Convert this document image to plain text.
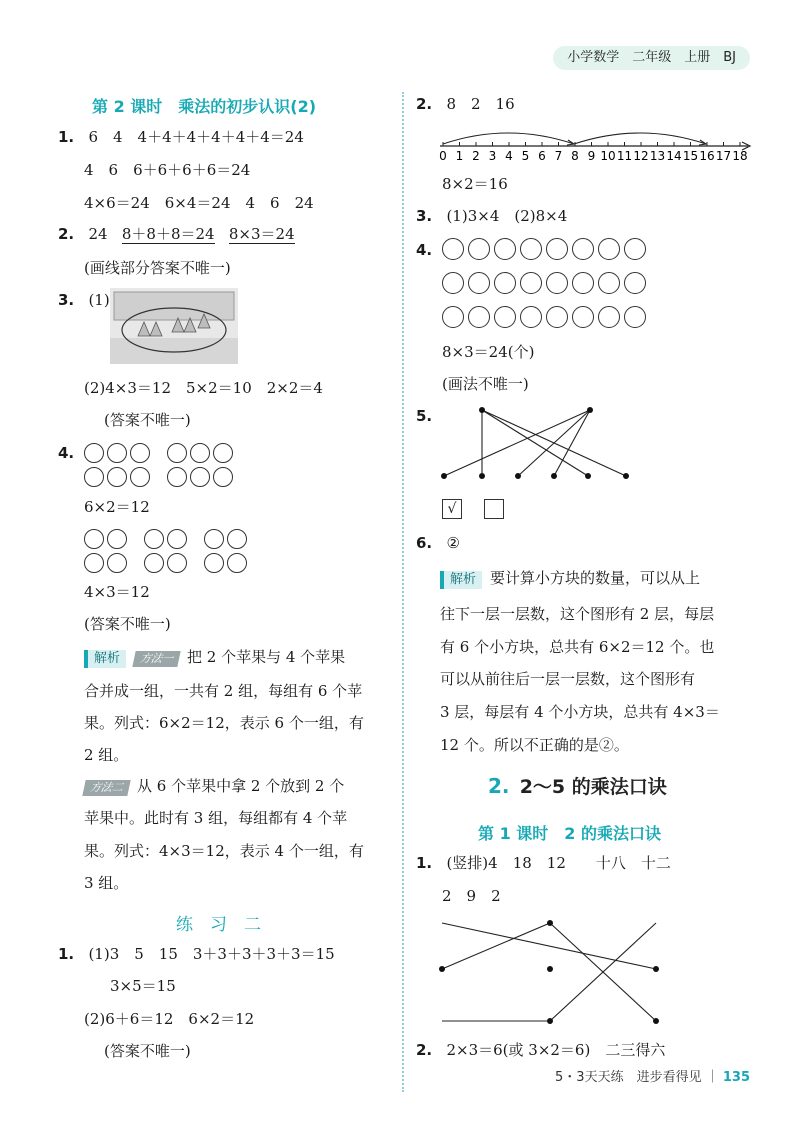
小学数学　二年级　上册　BJ
第 2 课时　乘法的初步认识(2)
1. 6　4　4＋4＋4＋4＋4＋4＝24
4　6　6＋6＋6＋6＝24
4×6＝24　6×4＝24　4　6　24
2. 24 8＋8＋8＝24 8×3＝24
(画线部分答案不唯一)
3. (1)
(2)4×3＝12　5×2＝10　2×2＝4
(答案不唯一)
4.
6×2＝12
4×3＝12
(答案不唯一)
解析 方法一 把 2 个苹果与 4 个苹果
合并成一组，一共有 2 组，每组有 6 个苹
果。列式：6×2＝12，表示 6 个一组，有
2 组。
方法二 从 6 个苹果中拿 2 个放到 2 个
苹果中。此时有 3 组，每组都有 4 个苹
果。列式：4×3＝12，表示 4 个一组，有
3 组。
练　习　二
1. (1)3　5　15　3＋3＋3＋3＋3＝15
3×5＝15
(2)6＋6＝12　6×2＝12
(答案不唯一)
2. 8　2　16
0 1 2 3 4 5 6 7 8 9 10 11 12 13 14 15 16 17 18
8×2＝16
3. (1)3×4　(2)8×4
4.
8×3＝24(个)
(画法不唯一)
5.
√
6. ②
解析 要计算小方块的数量，可以从上
往下一层一层数，这个图形有 2 层，每层
有 6 个小方块，总共有 6×2＝12 个。也
可以从前往后一层一层数，这个图形有
3 层，每层有 4 个小方块，总共有 4×3＝
12 个。所以不正确的是②。
2. 2～5 的乘法口诀
第 1 课时　2 的乘法口诀
1. (竖排)4　18　12　　十八　十二
2　9　2
2. 2×3＝6(或 3×2＝6)　二三得六
5・3天天练　进步看得见 ｜ 135
